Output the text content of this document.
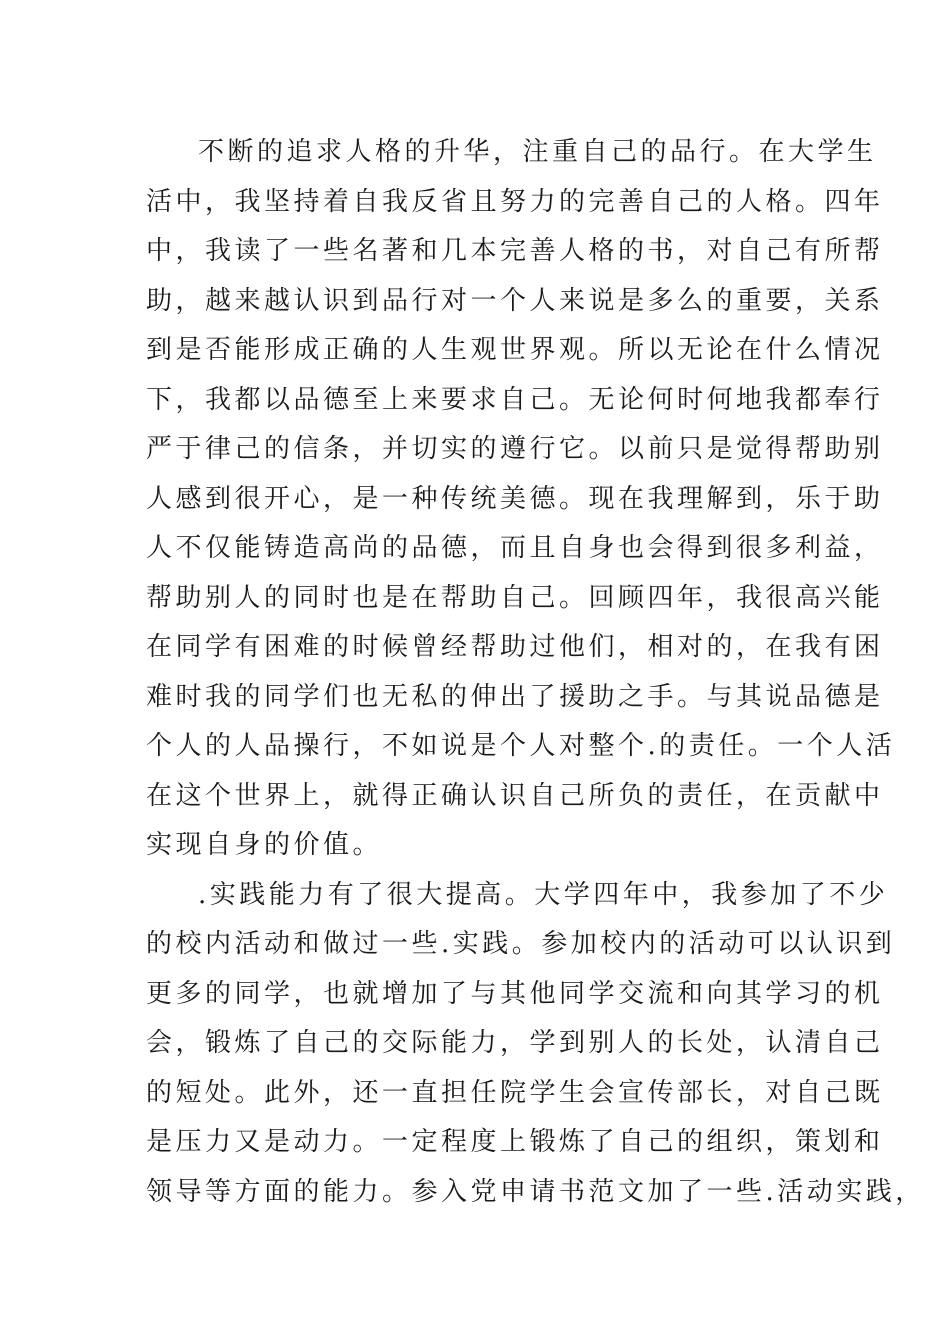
不断的追求人格的升华，注重自己的品行。在大学生
活中，我坚持着自我反省且努力的完善自己的人格。四年
中，我读了一些名著和几本完善人格的书，对自己有所帮
助，越来越认识到品行对一个人来说是多么的重要，关系
到是否能形成正确的人生观世界观。所以无论在什么情况
下，我都以品德至上来要求自己。无论何时何地我都奉行
严于律己的信条，并切实的遵行它。以前只是觉得帮助别
人感到很开心，是一种传统美德。现在我理解到，乐于助
人不仅能铸造高尚的品德，而且自身也会得到很多利益，
帮助别人的同时也是在帮助自己。回顾四年，我很高兴能
在同学有困难的时候曾经帮助过他们，相对的，在我有困
难时我的同学们也无私的伸出了援助之手。与其说品德是
个人的人品操行，不如说是个人对整个.的责任。一个人活
在这个世界上，就得正确认识自己所负的责任，在贡献中
实现自身的价值。
.实践能力有了很大提高。大学四年中，我参加了不少
的校内活动和做过一些.实践。参加校内的活动可以认识到
更多的同学，也就增加了与其他同学交流和向其学习的机
会，锻炼了自己的交际能力，学到别人的长处，认清自己
的短处。此外，还一直担任院学生会宣传部长，对自己既
是压力又是动力。一定程度上锻炼了自己的组织，策划和
领导等方面的能力。参入党申请书范文加了一些.活动实践，
